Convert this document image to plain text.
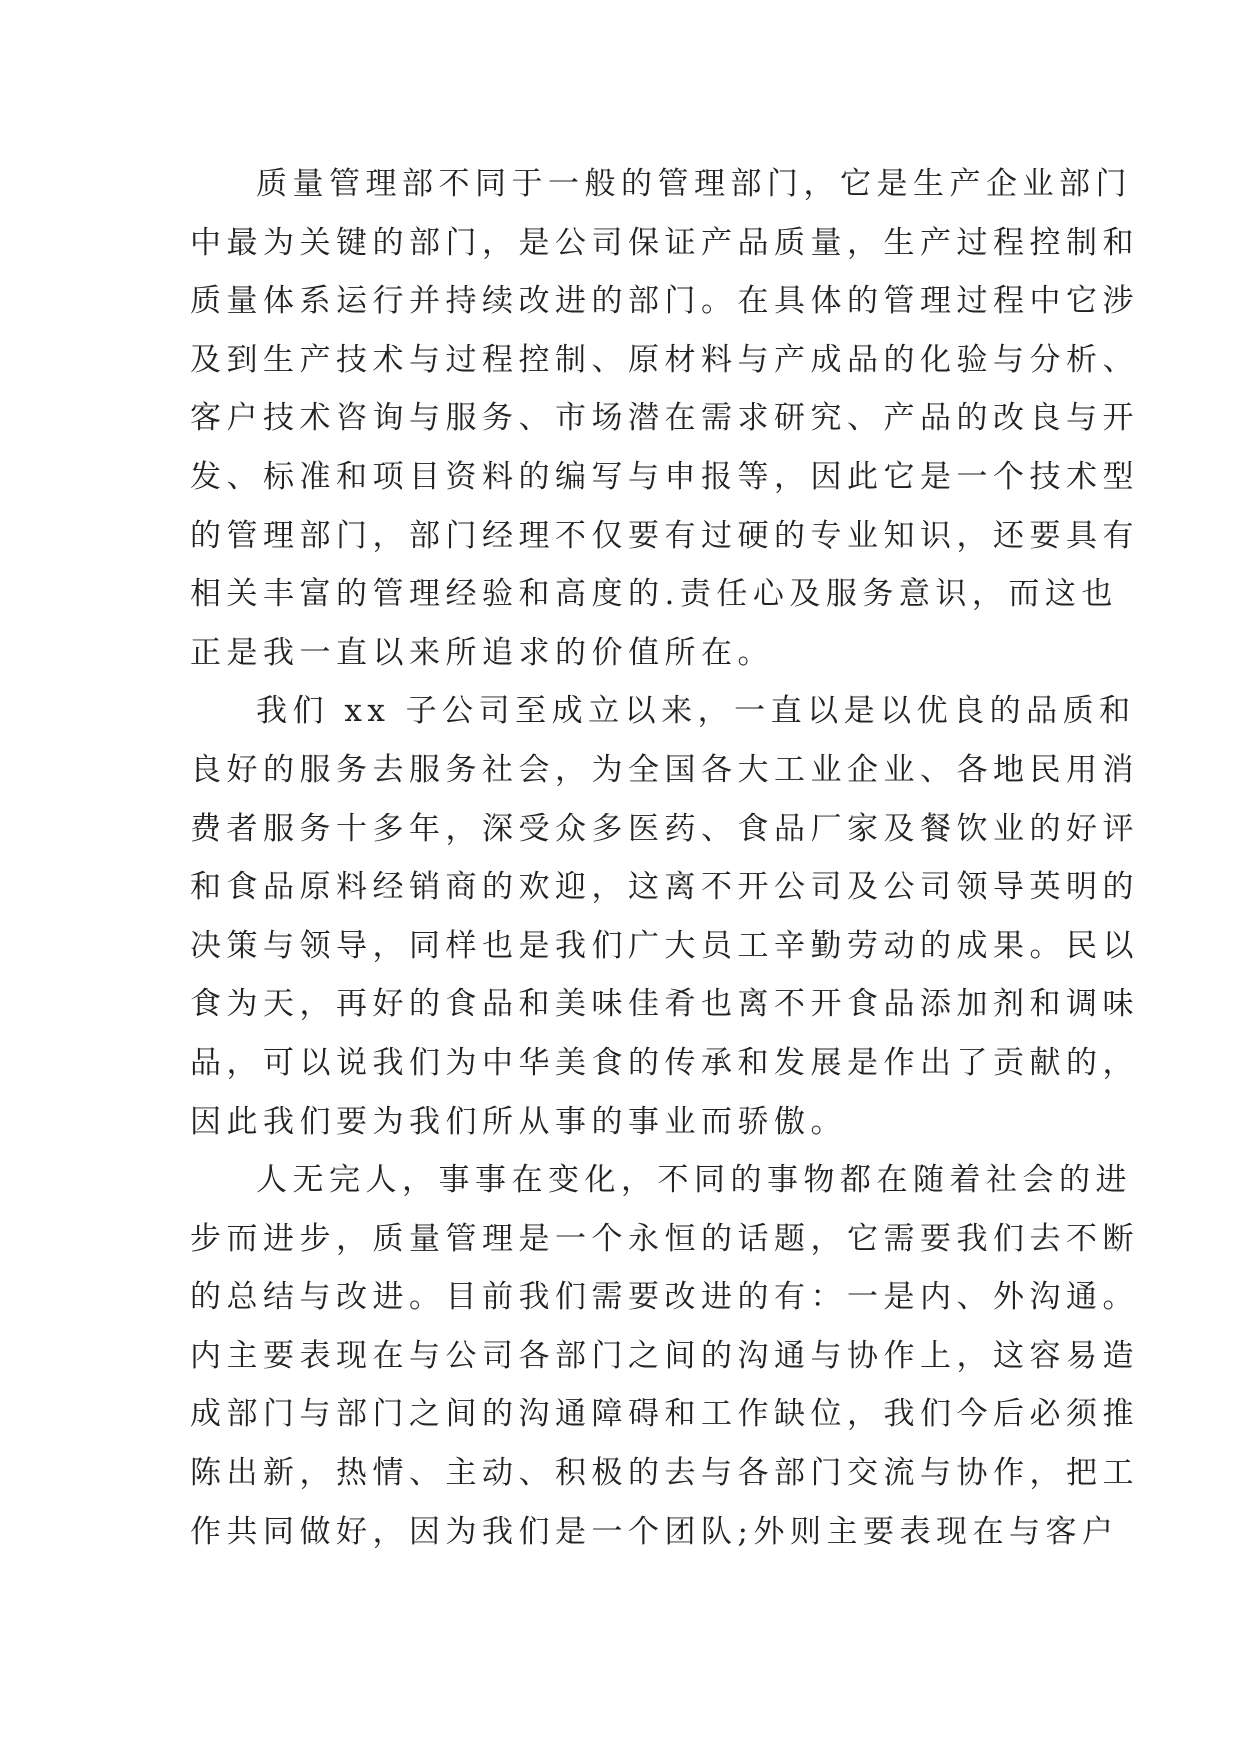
质量管理部不同于一般的管理部门，它是生产企业部门
中最为关键的部门，是公司保证产品质量，生产过程控制和
质量体系运行并持续改进的部门。在具体的管理过程中它涉
及到生产技术与过程控制、原材料与产成品的化验与分析、
客户技术咨询与服务、市场潜在需求研究、产品的改良与开
发、标准和项目资料的编写与申报等，因此它是一个技术型
的管理部门，部门经理不仅要有过硬的专业知识，还要具有
相关丰富的管理经验和高度的.责任心及服务意识，而这也
正是我一直以来所追求的价值所在。

我们 xx 子公司至成立以来，一直以是以优良的品质和
良好的服务去服务社会，为全国各大工业企业、各地民用消
费者服务十多年，深受众多医药、食品厂家及餐饮业的好评
和食品原料经销商的欢迎，这离不开公司及公司领导英明的
决策与领导，同样也是我们广大员工辛勤劳动的成果。民以
食为天，再好的食品和美味佳肴也离不开食品添加剂和调味
品，可以说我们为中华美食的传承和发展是作出了贡献的，
因此我们要为我们所从事的事业而骄傲。

人无完人，事事在变化，不同的事物都在随着社会的进
步而进步，质量管理是一个永恒的话题，它需要我们去不断
的总结与改进。目前我们需要改进的有：一是内、外沟通。
内主要表现在与公司各部门之间的沟通与协作上，这容易造
成部门与部门之间的沟通障碍和工作缺位，我们今后必须推
陈出新，热情、主动、积极的去与各部门交流与协作，把工
作共同做好，因为我们是一个团队;外则主要表现在与客户
